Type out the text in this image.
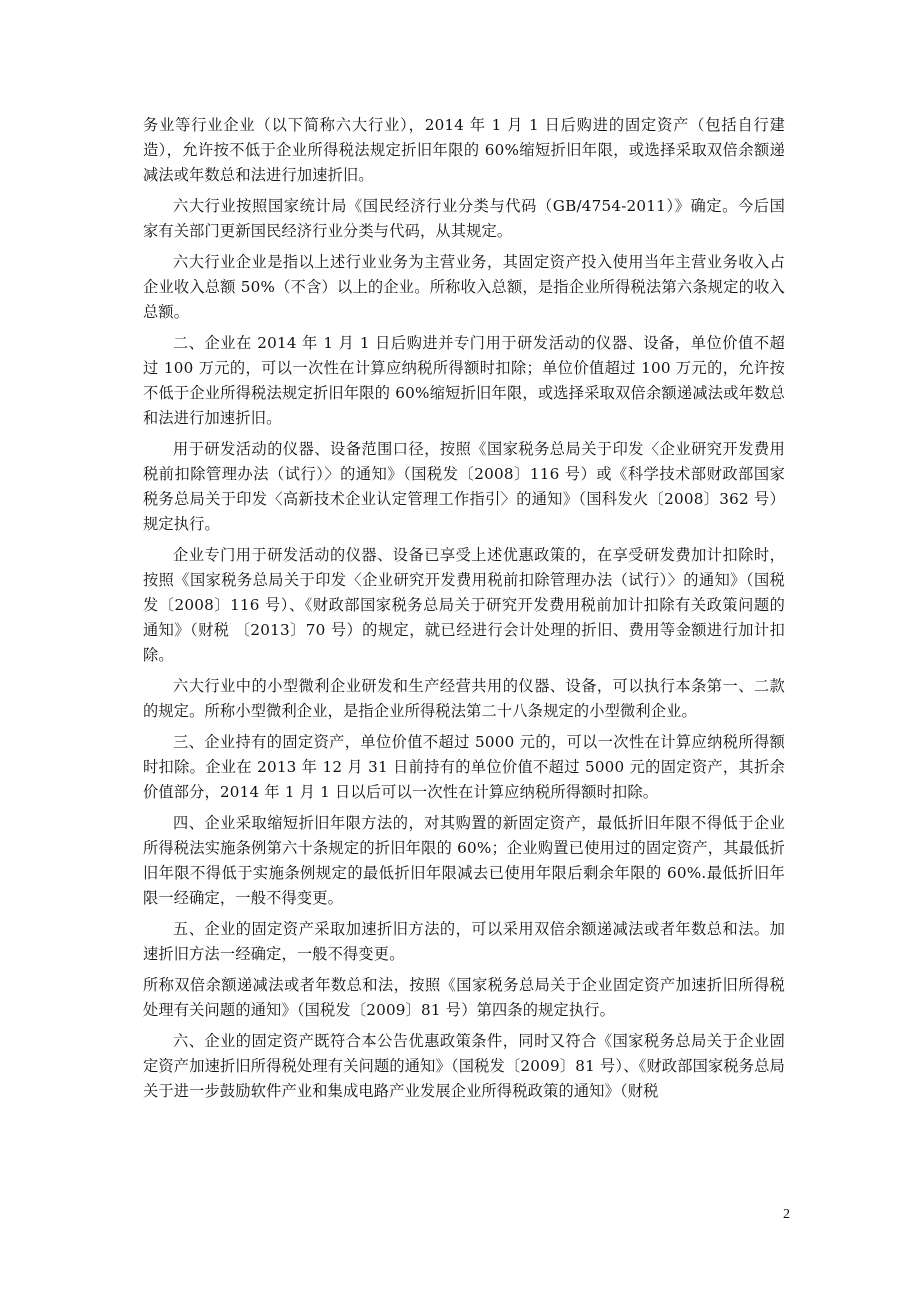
务业等行业企业（以下简称六大行业），2014 年 1 月 1 日后购进的固定资产（包括自行建造），允许按不低于企业所得税法规定折旧年限的 60%缩短折旧年限，或选择采取双倍余额递减法或年数总和法进行加速折旧。

六大行业按照国家统计局《国民经济行业分类与代码（GB/4754-2011）》确定。今后国家有关部门更新国民经济行业分类与代码，从其规定。

六大行业企业是指以上述行业业务为主营业务，其固定资产投入使用当年主营业务收入占企业收入总额 50%（不含）以上的企业。所称收入总额，是指企业所得税法第六条规定的收入总额。

二、企业在 2014 年 1 月 1 日后购进并专门用于研发活动的仪器、设备，单位价值不超过 100 万元的，可以一次性在计算应纳税所得额时扣除；单位价值超过 100 万元的，允许按不低于企业所得税法规定折旧年限的 60%缩短折旧年限，或选择采取双倍余额递减法或年数总和法进行加速折旧。

用于研发活动的仪器、设备范围口径，按照《国家税务总局关于印发〈企业研究开发费用税前扣除管理办法（试行）〉的通知》（国税发〔2008〕116 号）或《科学技术部财政部国家税务总局关于印发〈高新技术企业认定管理工作指引〉的通知》（国科发火〔2008〕362 号）规定执行。

企业专门用于研发活动的仪器、设备已享受上述优惠政策的，在享受研发费加计扣除时，按照《国家税务总局关于印发〈企业研究开发费用税前扣除管理办法（试行）〉的通知》（国税发〔2008〕116 号）、《财政部国家税务总局关于研究开发费用税前加计扣除有关政策问题的通知》（财税 〔2013〕70 号）的规定，就已经进行会计处理的折旧、费用等金额进行加计扣除。

六大行业中的小型微利企业研发和生产经营共用的仪器、设备，可以执行本条第一、二款的规定。所称小型微利企业，是指企业所得税法第二十八条规定的小型微利企业。

三、企业持有的固定资产，单位价值不超过 5000 元的，可以一次性在计算应纳税所得额时扣除。企业在 2013 年 12 月 31 日前持有的单位价值不超过 5000 元的固定资产，其折余价值部分，2014 年 1 月 1 日以后可以一次性在计算应纳税所得额时扣除。

四、企业采取缩短折旧年限方法的，对其购置的新固定资产，最低折旧年限不得低于企业所得税法实施条例第六十条规定的折旧年限的 60%；企业购置已使用过的固定资产，其最低折旧年限不得低于实施条例规定的最低折旧年限减去已使用年限后剩余年限的 60%.最低折旧年限一经确定，一般不得变更。

五、企业的固定资产采取加速折旧方法的，可以采用双倍余额递减法或者年数总和法。加速折旧方法一经确定，一般不得变更。

所称双倍余额递减法或者年数总和法，按照《国家税务总局关于企业固定资产加速折旧所得税处理有关问题的通知》（国税发〔2009〕81 号）第四条的规定执行。

六、企业的固定资产既符合本公告优惠政策条件，同时又符合《国家税务总局关于企业固定资产加速折旧所得税处理有关问题的通知》（国税发〔2009〕81 号）、《财政部国家税务总局关于进一步鼓励软件产业和集成电路产业发展企业所得税政策的通知》（财税

2
